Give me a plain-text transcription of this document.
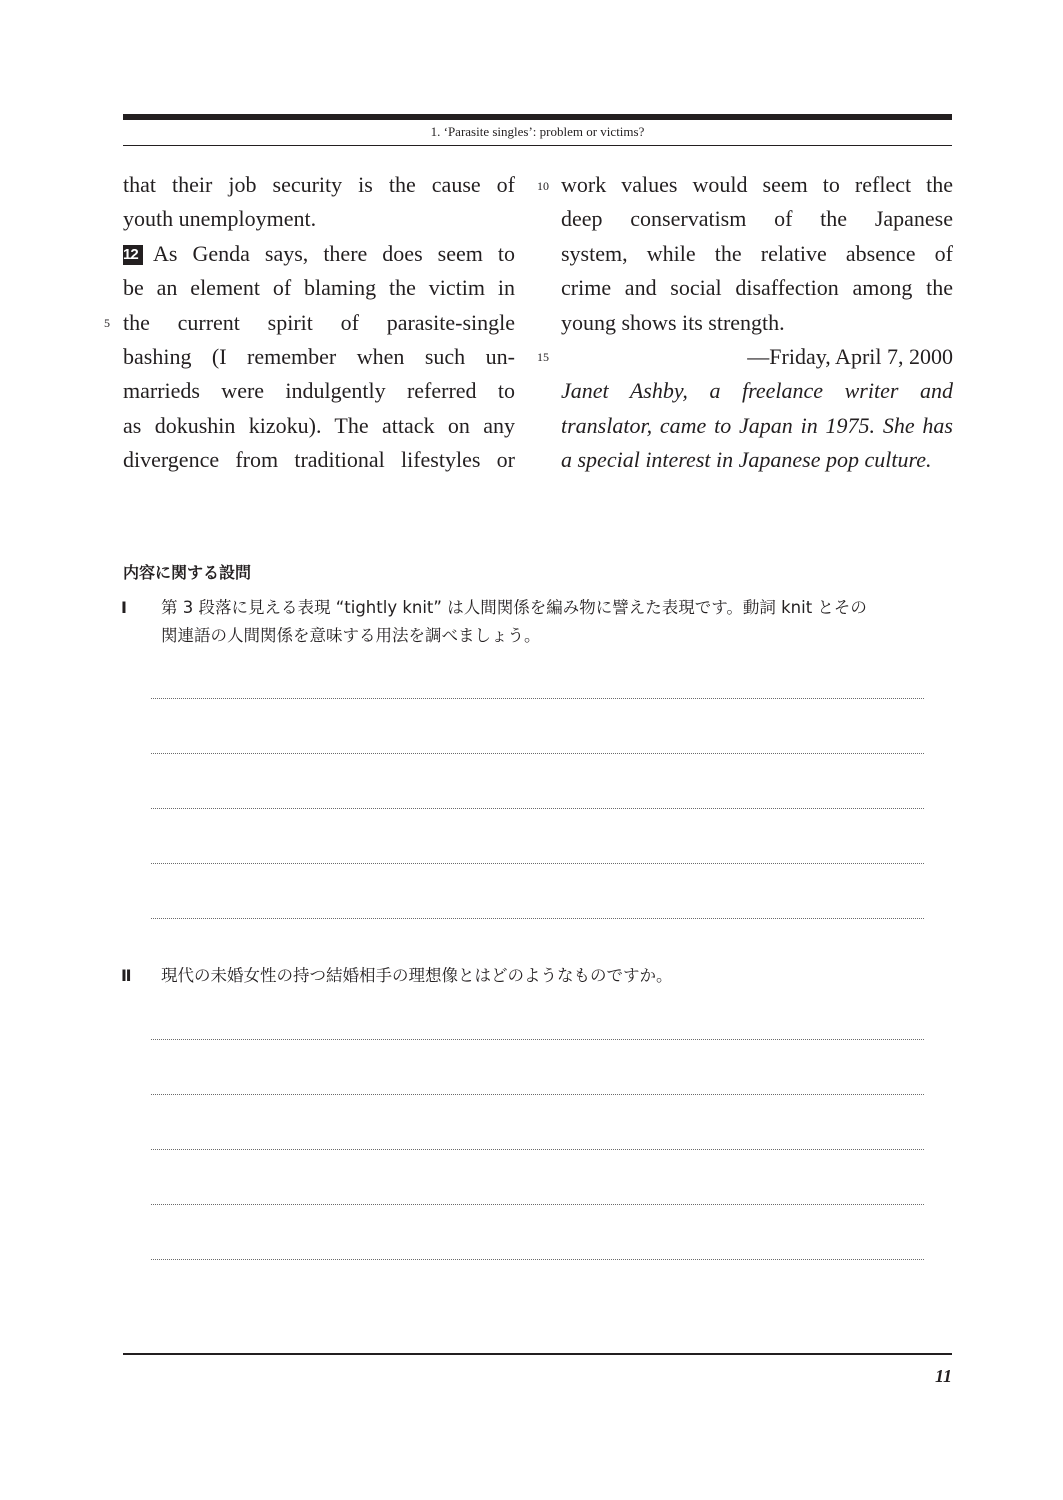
1. ‘Parasite singles’: problem or victims?
that their job security is the cause of
youth unemployment.
12 As Genda says, there does seem to
be an element of blaming the victim in
the current spirit of parasite-single
bashing (I remember when such un-
marrieds were indulgently referred to
as dokushin kizoku). The attack on any
divergence from traditional lifestyles or
5
work values would seem to reflect the
deep conservatism of the Japanese
system, while the relative absence of
crime and social disaffection among the
young shows its strength.
—Friday, April 7, 2000
Janet Ashby, a freelance writer and
translator, came to Japan in 1975. She has
a special interest in Japanese pop culture.
10
15
内容に関する設問
Ⅰ	第 3 段落に見える表現 “tightly knit” は人間関係を編み物に譬えた表現です。動詞 knit とその
関連語の人間関係を意味する用法を調べましょう。
Ⅱ	現代の未婚女性の持つ結婚相手の理想像とはどのようなものですか。
11
